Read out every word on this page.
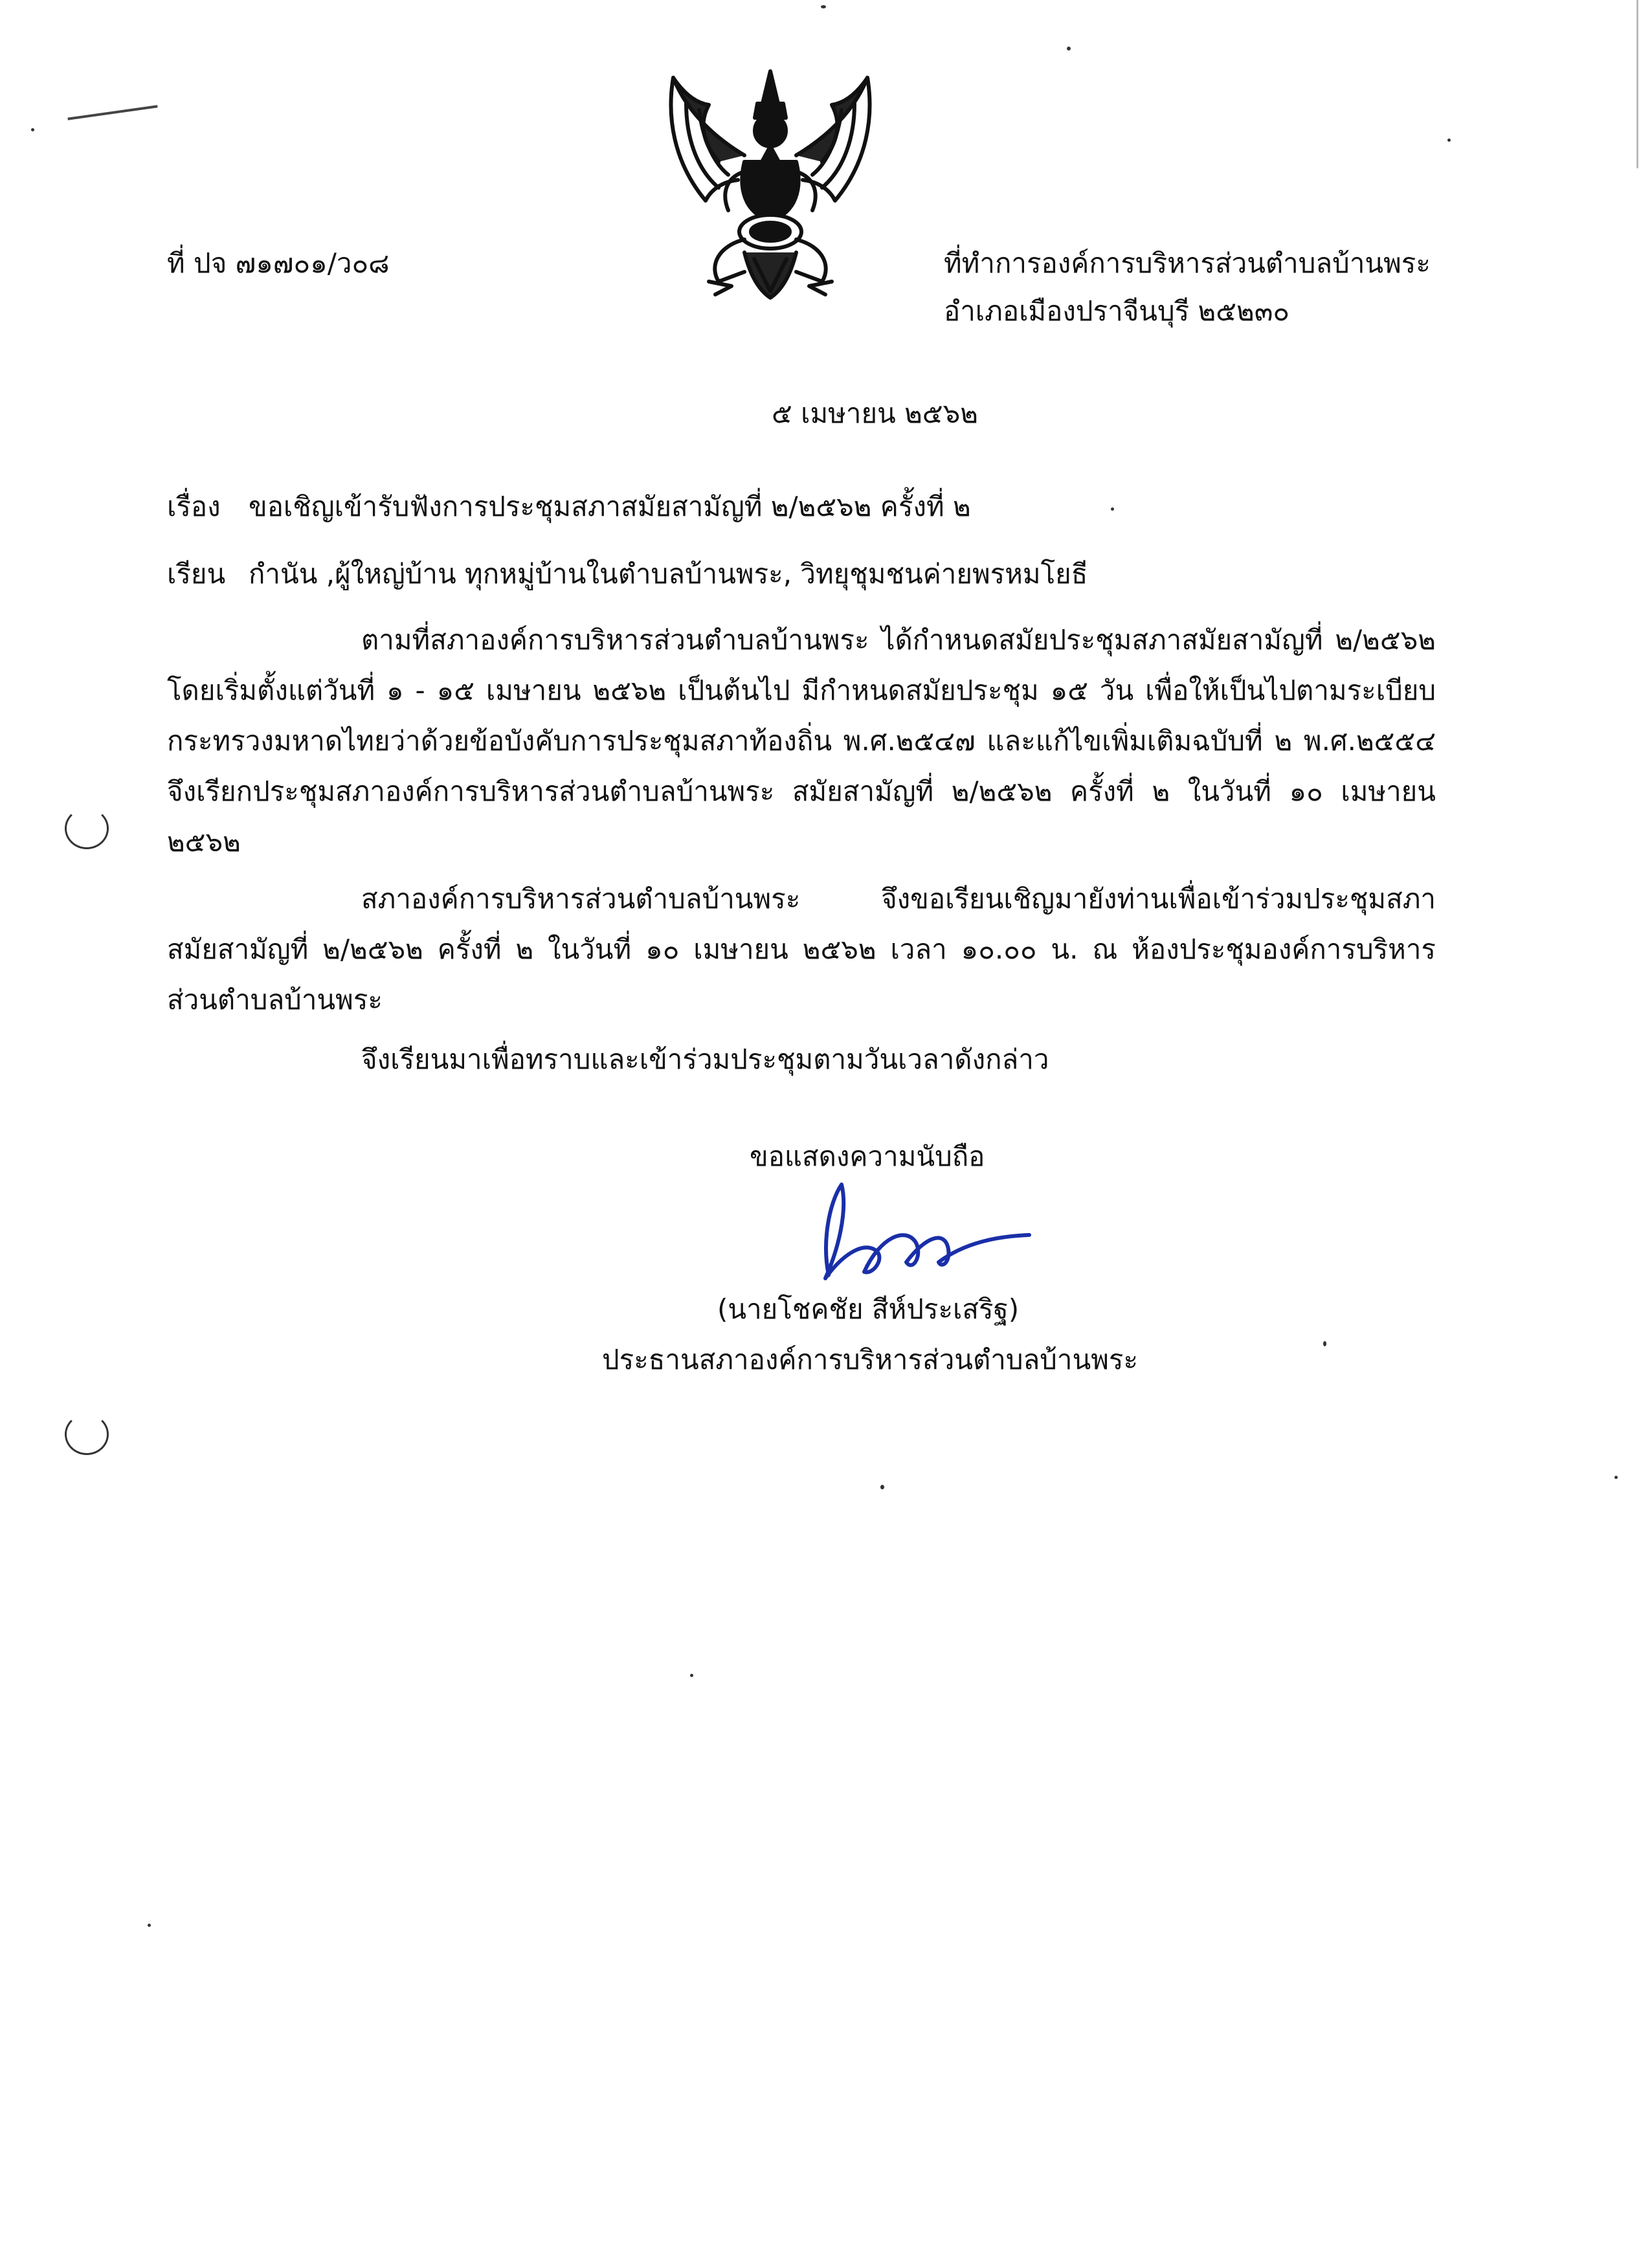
ที่ ปจ ๗๑๗๐๑/ว๐๘	ที่ทำการองค์การบริหารส่วนตำบลบ้านพระ
อำเภอเมืองปราจีนบุรี ๒๕๒๓๐
๕ เมษายน ๒๕๖๒
เรื่อง ขอเชิญเข้ารับฟังการประชุมสภาสมัยสามัญที่ ๒/๒๕๖๒ ครั้งที่ ๒
เรียน กำนัน ,ผู้ใหญ่บ้าน ทุกหมู่บ้านในตำบลบ้านพระ, วิทยุชุมชนค่ายพรหมโยธี
ตามที่สภาองค์การบริหารส่วนตำบลบ้านพระ ได้กำหนดสมัยประชุมสภาสมัยสามัญที่ ๒/๒๕๖๒
โดยเริ่มตั้งแต่วันที่ ๑ - ๑๕ เมษายน ๒๕๖๒ เป็นต้นไป มีกำหนดสมัยประชุม ๑๕ วัน เพื่อให้เป็นไปตามระเบียบ
กระทรวงมหาดไทยว่าด้วยข้อบังคับการประชุมสภาท้องถิ่น พ.ศ.๒๕๔๗ และแก้ไขเพิ่มเติมฉบับที่ ๒ พ.ศ.๒๕๕๔
จึงเรียกประชุมสภาองค์การบริหารส่วนตำบลบ้านพระ สมัยสามัญที่ ๒/๒๕๖๒ ครั้งที่ ๒ ในวันที่ ๑๐ เมษายน
๒๕๖๒
สภาองค์การบริหารส่วนตำบลบ้านพระ จึงขอเรียนเชิญมายังท่านเพื่อเข้าร่วมประชุมสภา
สมัยสามัญที่ ๒/๒๕๖๒ ครั้งที่ ๒ ในวันที่ ๑๐ เมษายน ๒๕๖๒ เวลา ๑๐.๐๐ น. ณ ห้องประชุมองค์การบริหาร
ส่วนตำบลบ้านพระ
จึงเรียนมาเพื่อทราบและเข้าร่วมประชุมตามวันเวลาดังกล่าว
ขอแสดงความนับถือ
(นายโชคชัย สีห์ประเสริฐ)
ประธานสภาองค์การบริหารส่วนตำบลบ้านพระ
